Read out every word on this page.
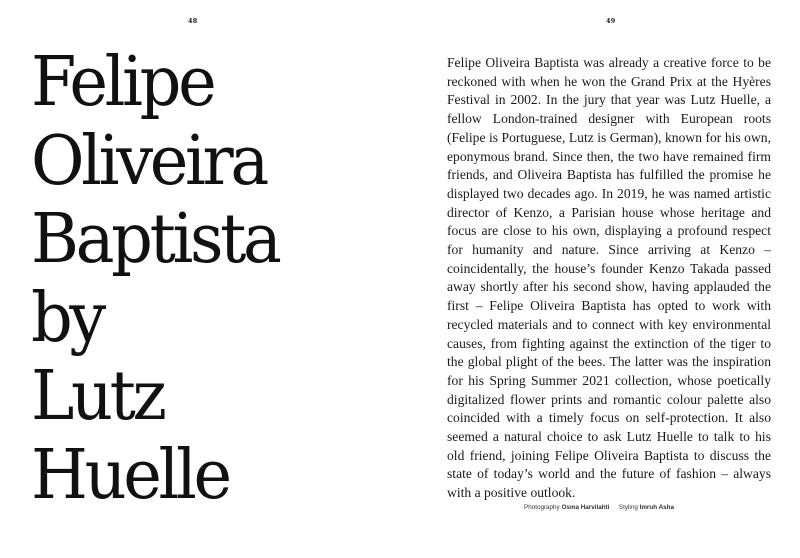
48
Felipe
Oliveira
Baptista
by
Lutz
Huelle
49

Felipe Oliveira Baptista was already a creative force to be reckoned with when he won the Grand Prix at the Hyères Festival in 2002. In the jury that year was Lutz Huelle, a fellow London-trained designer with European roots (Felipe is Portuguese, Lutz is German), known for his own, eponymous brand. Since then, the two have remained firm friends, and Oliveira Baptista has fulfilled the promise he displayed two decades ago. In 2019, he was named artistic director of Kenzo, a Parisian house whose heritage and focus are close to his own, displaying a profound respect for humanity and nature. Since arriving at Kenzo – coincidentally, the house’s founder Kenzo Takada passed away shortly after his second show, having applauded the first – Felipe Oliveira Baptista has opted to work with recycled materials and to connect with key environmental causes, from fighting against the extinction of the tiger to the global plight of the bees. The latter was the inspiration for his Spring Summer 2021 collection, whose poetically digitalized flower prints and romantic colour palette also coincided with a timely focus on self-protection. It also seemed a natural choice to ask Lutz Huelle to talk to his old friend, joining Felipe Oliveira Baptista to discuss the state of today’s world and the future of fashion – always with a positive outlook.

Photography Osma Harvilahti Styling Imruh Asha
